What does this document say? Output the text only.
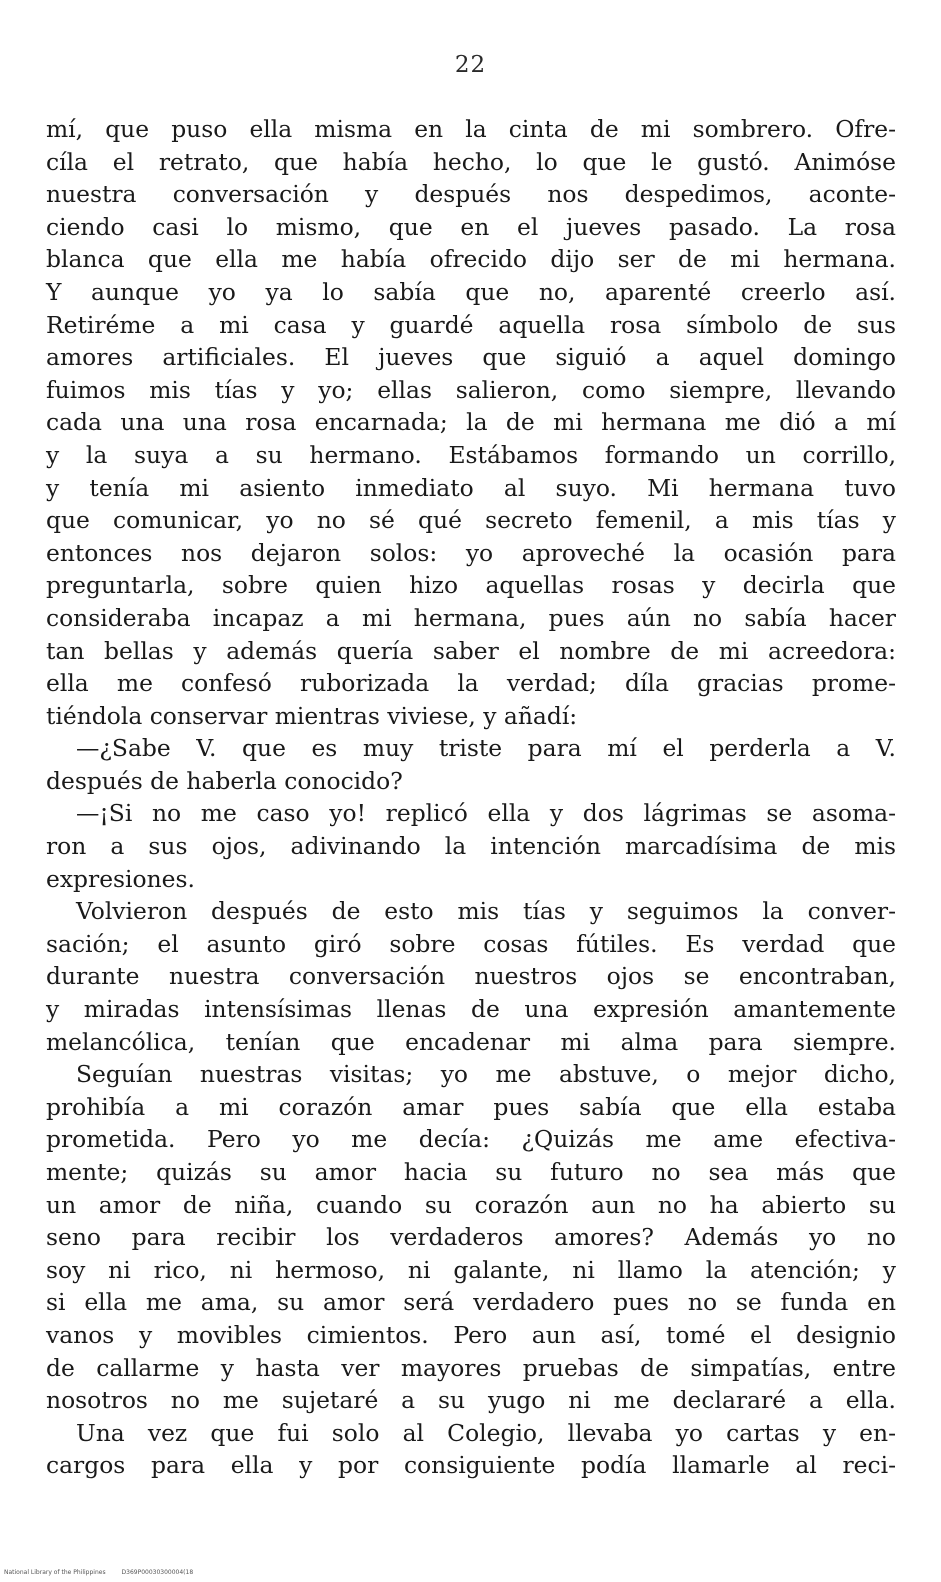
22
mí, que puso ella misma en la cinta de mi sombrero. Ofre-
cíla el retrato, que había hecho, lo que le gustó. Animóse
nuestra conversación y después nos despedimos, aconte-
ciendo casi lo mismo, que en el jueves pasado. La rosa
blanca que ella me había ofrecido dijo ser de mi hermana.
Y aunque yo ya lo sabía que no, aparenté creerlo así.
Retiréme a mi casa y guardé aquella rosa símbolo de sus
amores artificiales. El jueves que siguió a aquel domingo
fuimos mis tías y yo; ellas salieron, como siempre, llevando
cada una una rosa encarnada; la de mi hermana me dió a mí
y la suya a su hermano. Estábamos formando un corrillo,
y tenía mi asiento inmediato al suyo. Mi hermana tuvo
que comunicar, yo no sé qué secreto femenil, a mis tías y
entonces nos dejaron solos: yo aproveché la ocasión para
preguntarla, sobre quien hizo aquellas rosas y decirla que
consideraba incapaz a mi hermana, pues aún no sabía hacer
tan bellas y además quería saber el nombre de mi acreedora:
ella me confesó ruborizada la verdad; díla gracias prome-
tiéndola conservar mientras viviese, y añadí:
—¿Sabe V. que es muy triste para mí el perderla a V.
después de haberla conocido?
—¡Si no me caso yo! replicó ella y dos lágrimas se asoma-
ron a sus ojos, adivinando la intención marcadísima de mis
expresiones.
Volvieron después de esto mis tías y seguimos la conver-
sación; el asunto giró sobre cosas fútiles. Es verdad que
durante nuestra conversación nuestros ojos se encontraban,
y miradas intensísimas llenas de una expresión amantemente
melancólica, tenían que encadenar mi alma para siempre.
Seguían nuestras visitas; yo me abstuve, o mejor dicho,
prohibía a mi corazón amar pues sabía que ella estaba
prometida. Pero yo me decía: ¿Quizás me ame efectiva-
mente; quizás su amor hacia su futuro no sea más que
un amor de niña, cuando su corazón aun no ha abierto su
seno para recibir los verdaderos amores? Además yo no
soy ni rico, ni hermoso, ni galante, ni llamo la atención; y
si ella me ama, su amor será verdadero pues no se funda en
vanos y movibles cimientos. Pero aun así, tomé el designio
de callarme y hasta ver mayores pruebas de simpatías, entre
nosotros no me sujetaré a su yugo ni me declararé a ella.
Una vez que fui solo al Colegio, llevaba yo cartas y en-
cargos para ella y por consiguiente podía llamarle al reci-
National Library of the Philippines	D369P00030300004(18
